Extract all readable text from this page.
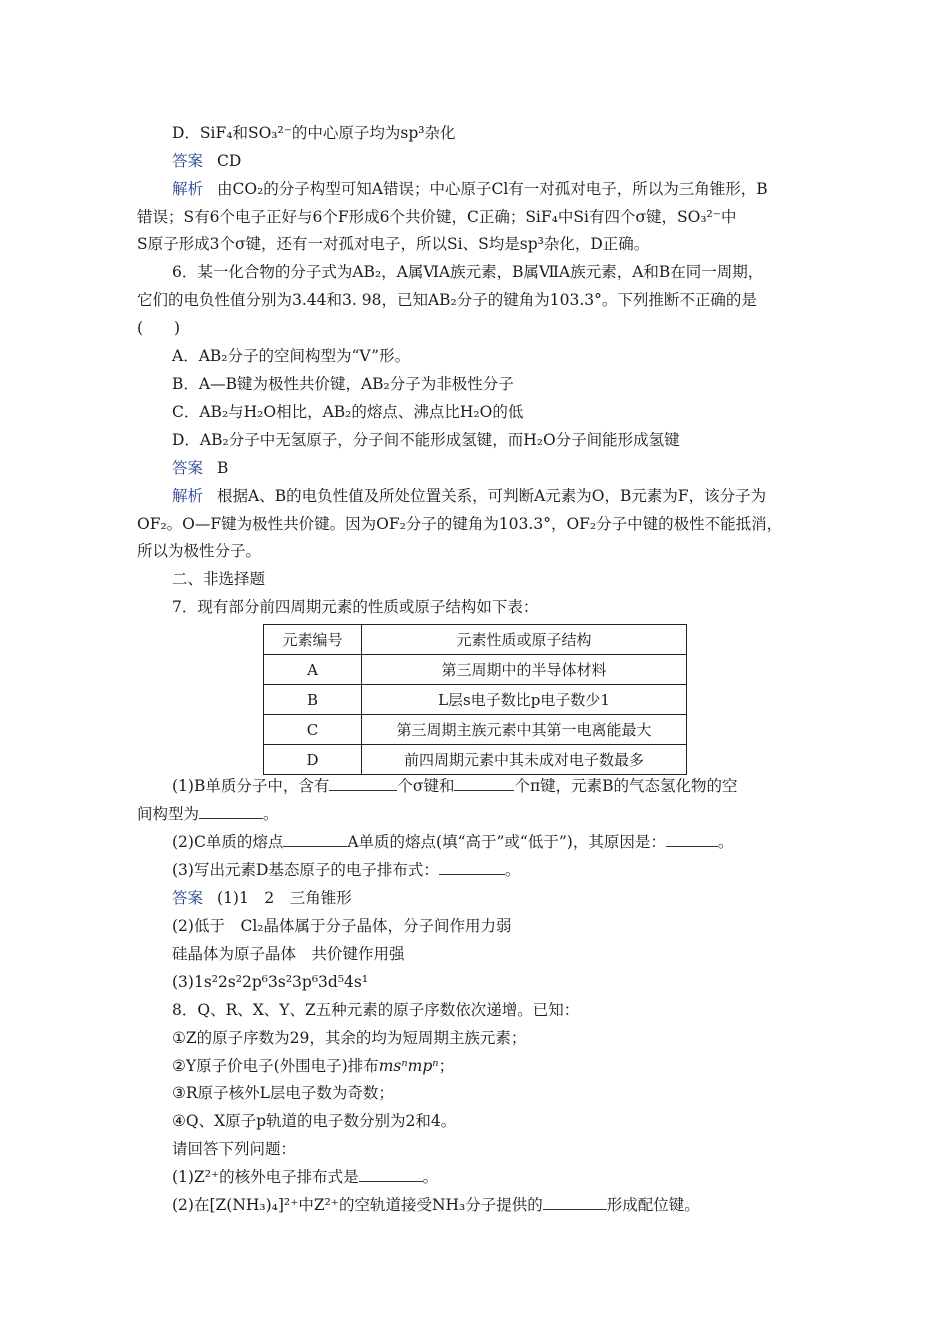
D．SiF₄和SO₃²⁻的中心原子均为sp³杂化
答案 CD
解析 由CO₂的分子构型可知A错误；中心原子Cl有一对孤对电子，所以为三角锥形，B
错误；S有6个电子正好与6个F形成6个共价键，C正确；SiF₄中Si有四个σ键，SO₃²⁻中
S原子形成3个σ键，还有一对孤对电子，所以Si、S均是sp³杂化，D正确。
6．某一化合物的分子式为AB₂，A属ⅥA族元素，B属ⅦA族元素，A和B在同一周期，
它们的电负性值分别为3.44和3. 98，已知AB₂分子的键角为103.3°。下列推断不正确的是
(　　)
A．AB₂分子的空间构型为“V”形。
B．A—B键为极性共价键，AB₂分子为非极性分子
C．AB₂与H₂O相比，AB₂的熔点、沸点比H₂O的低
D．AB₂分子中无氢原子，分子间不能形成氢键，而H₂O分子间能形成氢键
答案 B
解析 根据A、B的电负性值及所处位置关系，可判断A元素为O，B元素为F，该分子为
OF₂。O—F键为极性共价键。因为OF₂分子的键角为103.3°，OF₂分子中键的极性不能抵消，
所以为极性分子。
二、非选择题
7．现有部分前四周期元素的性质或原子结构如下表：
元素编号	元素性质或原子结构
A	第三周期中的半导体材料
B	L层s电子数比p电子数少1
C	第三周期主族元素中其第一电离能最大
D	前四周期元素中其未成对电子数最多
(1)B单质分子中，含有	个σ键和	个π键，元素B的气态氢化物的空
间构型为	。
(2)C单质的熔点	A单质的熔点(填“高于”或“低于”)，其原因是：	。
(3)写出元素D基态原子的电子排布式：	。
答案 (1)1　2　三角锥形
(2)低于　Cl₂晶体属于分子晶体，分子间作用力弱
硅晶体为原子晶体　共价键作用强
(3)1s²2s²2p⁶3s²3p⁶3d⁵4s¹
8．Q、R、X、Y、Z五种元素的原子序数依次递增。已知：
①Z的原子序数为29，其余的均为短周期主族元素；
②Y原子价电子(外围电子)排布msⁿmpⁿ；
③R原子核外L层电子数为奇数；
④Q、X原子p轨道的电子数分别为2和4。
请回答下列问题：
(1)Z²⁺的核外电子排布式是	。
(2)在[Z(NH₃)₄]²⁺中Z²⁺的空轨道接受NH₃分子提供的	形成配位键。
